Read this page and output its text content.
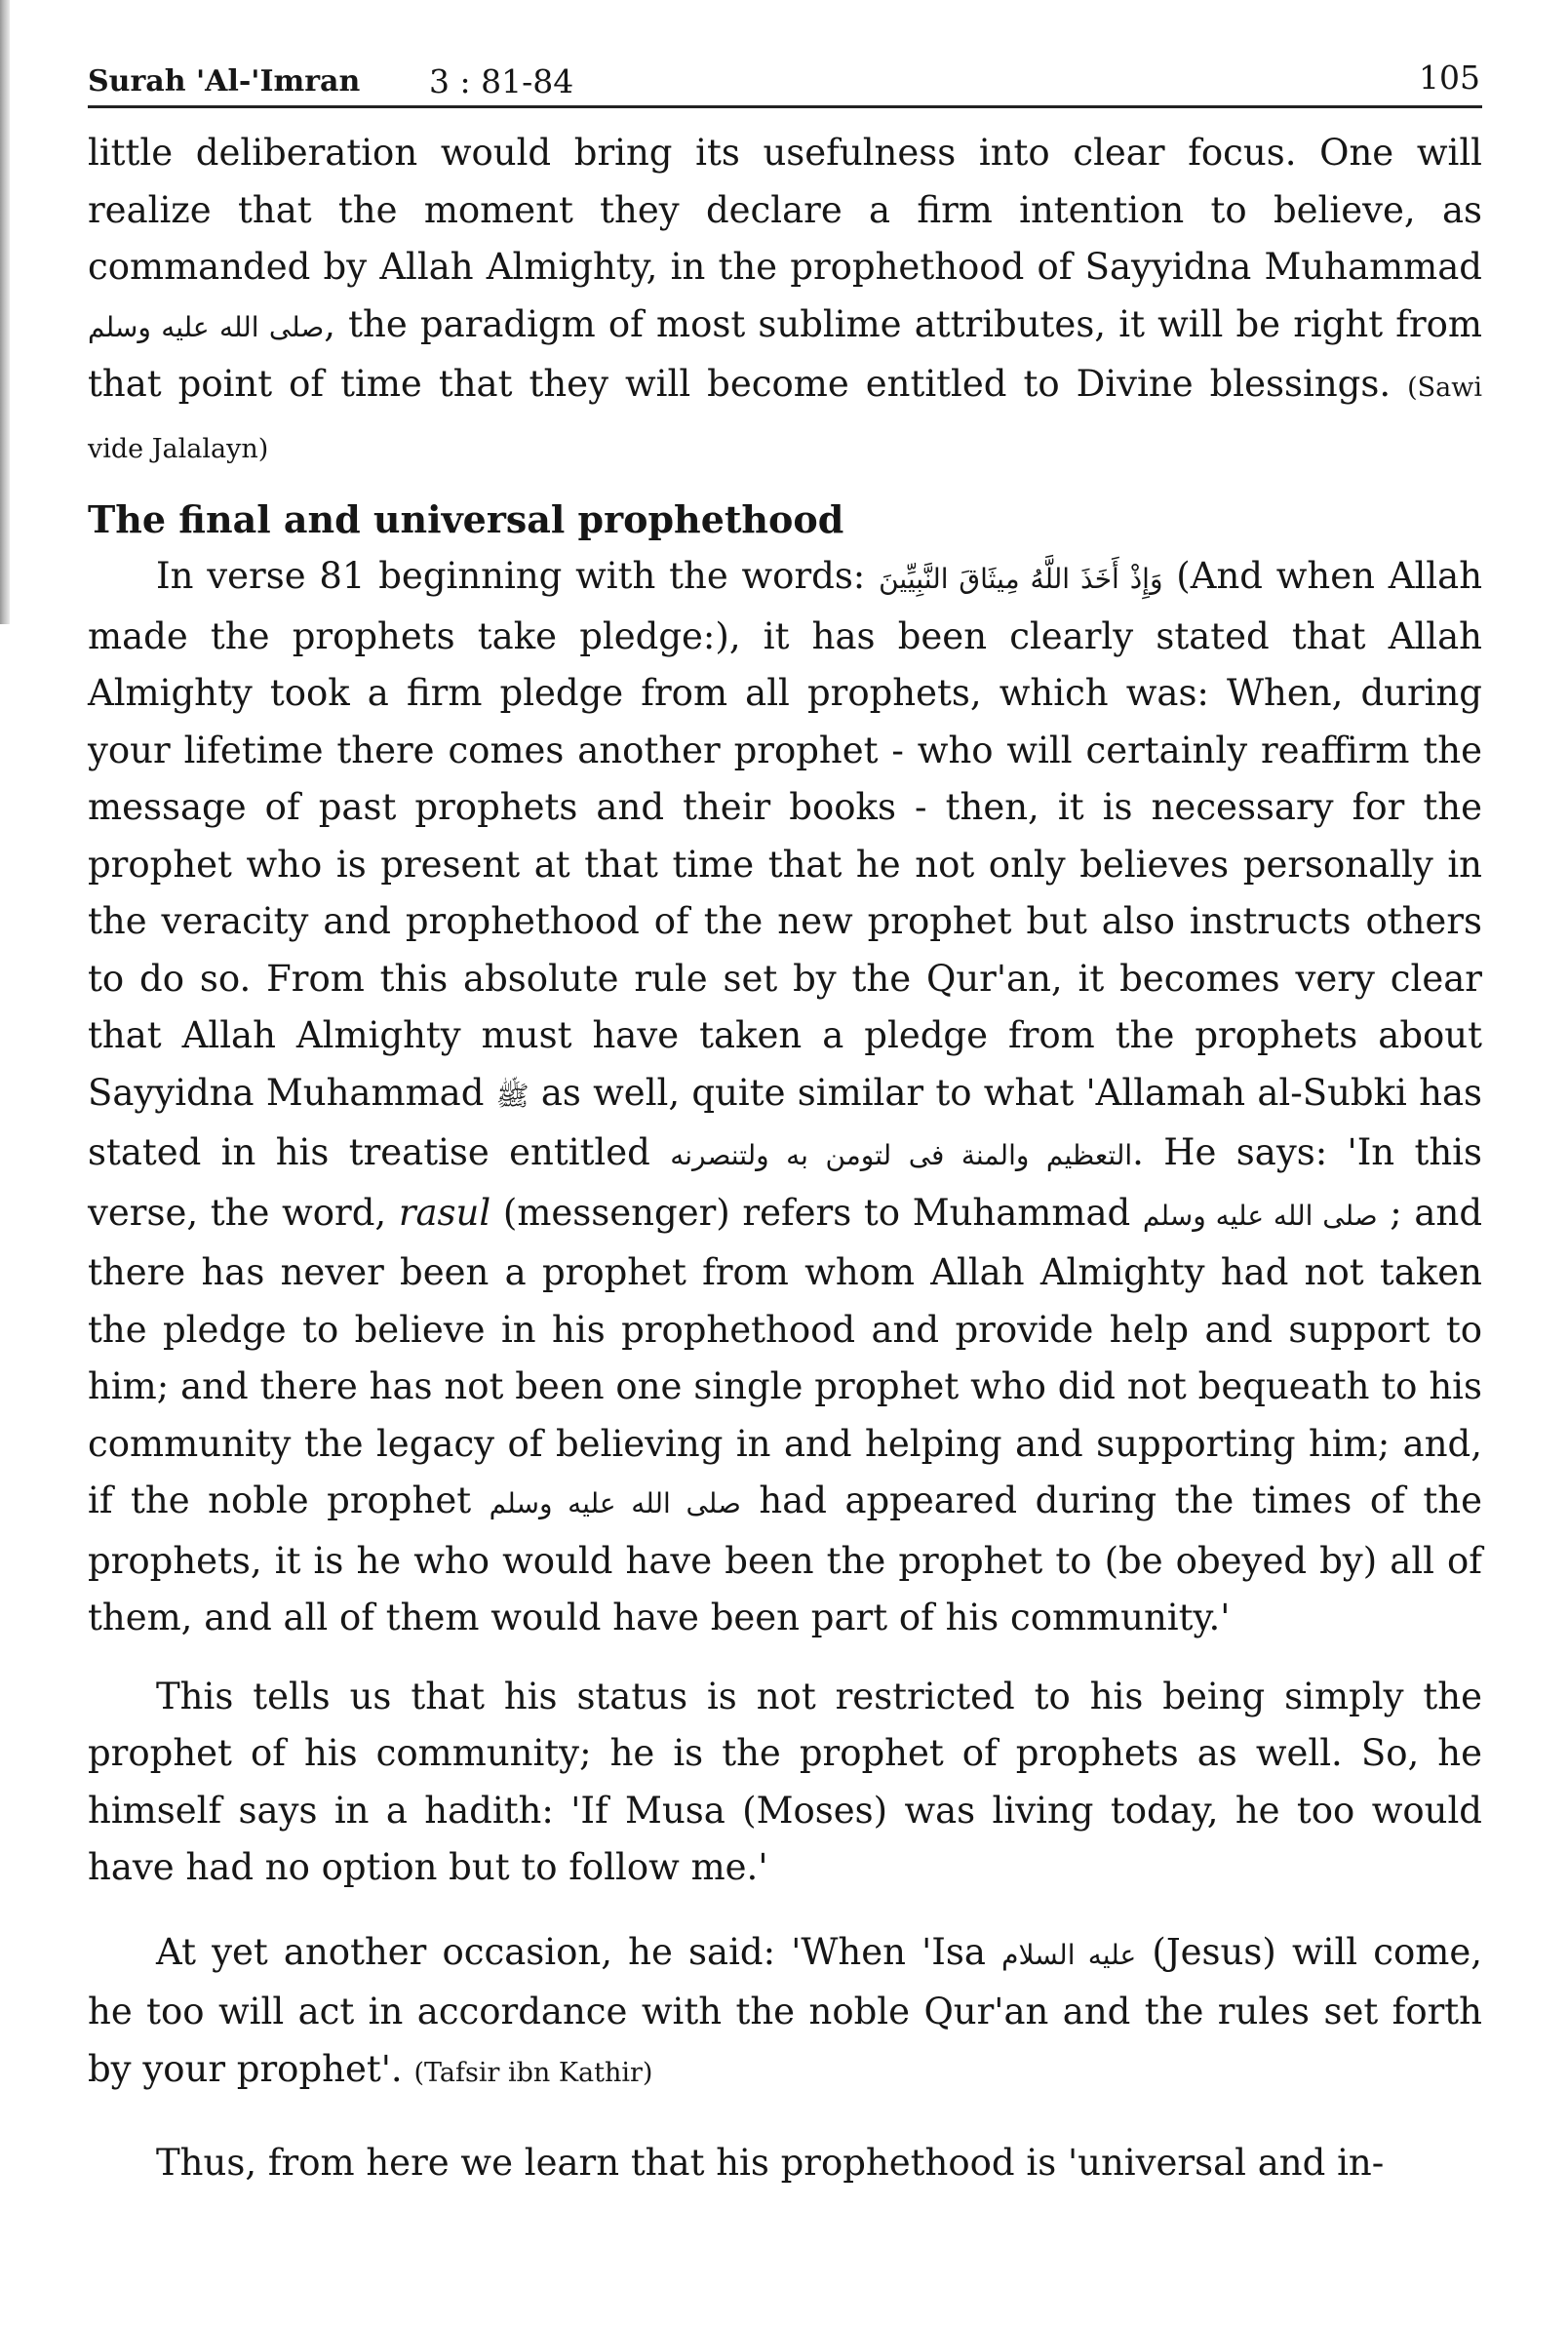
Surah 'Al-'Imran 3 : 81-84	105

little deliberation would bring its usefulness into clear focus. One will realize that the moment they declare a firm intention to believe, as commanded by Allah Almighty, in the prophethood of Sayyidna Muhammad صلى الله عليه وسلم, the paradigm of most sublime attributes, it will be right from that point of time that they will become entitled to Divine blessings. (Sawi vide Jalalayn)

The final and universal prophethood

In verse 81 beginning with the words: وَإِذْ أَخَذَ اللَّهُ مِيثَاقَ النَّبِيِّينَ (And when Allah made the prophets take pledge:), it has been clearly stated that Allah Almighty took a firm pledge from all prophets, which was: When, during your lifetime there comes another prophet - who will certainly reaffirm the message of past prophets and their books - then, it is necessary for the prophet who is present at that time that he not only believes personally in the veracity and prophethood of the new prophet but also instructs others to do so. From this absolute rule set by the Qur'an, it becomes very clear that Allah Almighty must have taken a pledge from the prophets about Sayyidna Muhammad ﷺ as well, quite similar to what 'Allamah al-Subki has stated in his treatise entitled التعظيم والمنة فى لتومن به ولتنصرنه. He says: 'In this verse, the word, rasul (messenger) refers to Muhammad صلى الله عليه وسلم ; and there has never been a prophet from whom Allah Almighty had not taken the pledge to believe in his prophethood and provide help and support to him; and there has not been one single prophet who did not bequeath to his community the legacy of believing in and helping and supporting him; and, if the noble prophet صلى الله عليه وسلم had appeared during the times of the prophets, it is he who would have been the prophet to (be obeyed by) all of them, and all of them would have been part of his community.'

This tells us that his status is not restricted to his being simply the prophet of his community; he is the prophet of prophets as well. So, he himself says in a hadith: 'If Musa (Moses) was living today, he too would have had no option but to follow me.'

At yet another occasion, he said: 'When 'Isa عليه السلام (Jesus) will come, he too will act in accordance with the noble Qur'an and the rules set forth by your prophet'. (Tafsir ibn Kathir)

Thus, from here we learn that his prophethood is 'universal and in-
